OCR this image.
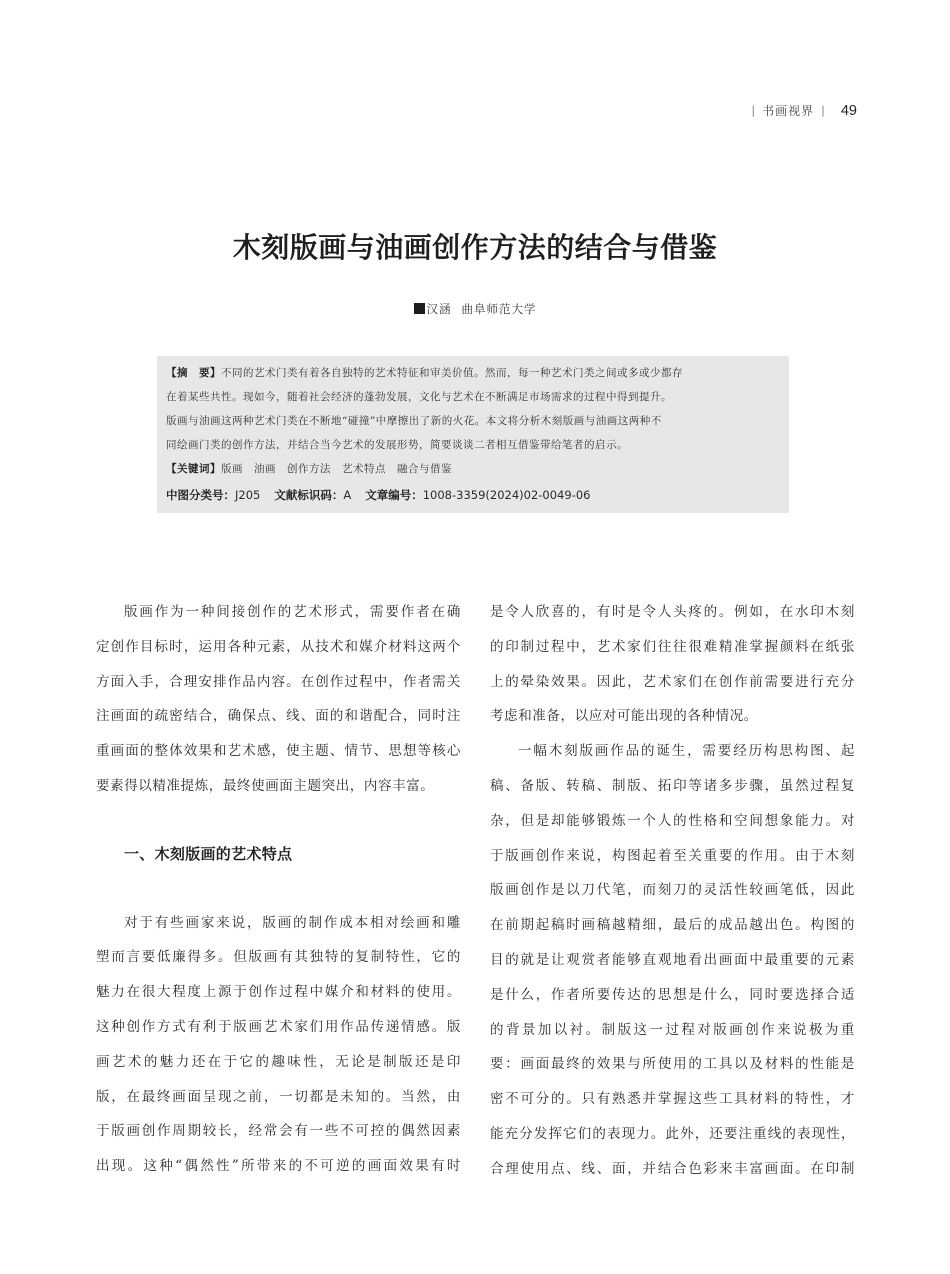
| 书画视界 | 49
木刻版画与油画创作方法的结合与借鉴
汉涵 曲阜师范大学
【摘　要】不同的艺术门类有着各自独特的艺术特征和审美价值。然而，每一种艺术门类之间或多或少都存
在着某些共性。现如今，随着社会经济的蓬勃发展，文化与艺术在不断满足市场需求的过程中得到提升。
版画与油画这两种艺术门类在不断地“碰撞”中摩擦出了新的火花。本文将分析木刻版画与油画这两种不
同绘画门类的创作方法，并结合当今艺术的发展形势，简要谈谈二者相互借鉴带给笔者的启示。
【关键词】版画　油画　创作方法　艺术特点　融合与借鉴
中图分类号：J205 文献标识码：A 文章编号：1008-3359(2024)02-0049-06
版画作为一种间接创作的艺术形式，需要作者在确
定创作目标时，运用各种元素，从技术和媒介材料这两个
方面入手，合理安排作品内容。在创作过程中，作者需关
注画面的疏密结合，确保点、线、面的和谐配合，同时注
重画面的整体效果和艺术感，使主题、情节、思想等核心
要素得以精准提炼，最终使画面主题突出，内容丰富。
一、木刻版画的艺术特点
对于有些画家来说，版画的制作成本相对绘画和雕
塑而言要低廉得多。但版画有其独特的复制特性，它的
魅力在很大程度上源于创作过程中媒介和材料的使用。
这种创作方式有利于版画艺术家们用作品传递情感。版
画艺术的魅力还在于它的趣味性，无论是制版还是印
版，在最终画面呈现之前，一切都是未知的。当然，由
于版画创作周期较长，经常会有一些不可控的偶然因素
出现。这种“偶然性”所带来的不可逆的画面效果有时
是令人欣喜的，有时是令人头疼的。例如，在水印木刻
的印制过程中，艺术家们往往很难精准掌握颜料在纸张
上的晕染效果。因此，艺术家们在创作前需要进行充分
考虑和准备，以应对可能出现的各种情况。
一幅木刻版画作品的诞生，需要经历构思构图、起
稿、备版、转稿、制版、拓印等诸多步骤，虽然过程复
杂，但是却能够锻炼一个人的性格和空间想象能力。对
于版画创作来说，构图起着至关重要的作用。由于木刻
版画创作是以刀代笔，而刻刀的灵活性较画笔低，因此
在前期起稿时画稿越精细，最后的成品越出色。构图的
目的就是让观赏者能够直观地看出画面中最重要的元素
是什么，作者所要传达的思想是什么，同时要选择合适
的背景加以衬。制版这一过程对版画创作来说极为重
要：画面最终的效果与所使用的工具以及材料的性能是
密不可分的。只有熟悉并掌握这些工具材料的特性，才
能充分发挥它们的表现力。此外，还要注重线的表现性，
合理使用点、线、面，并结合色彩来丰富画面。在印制
